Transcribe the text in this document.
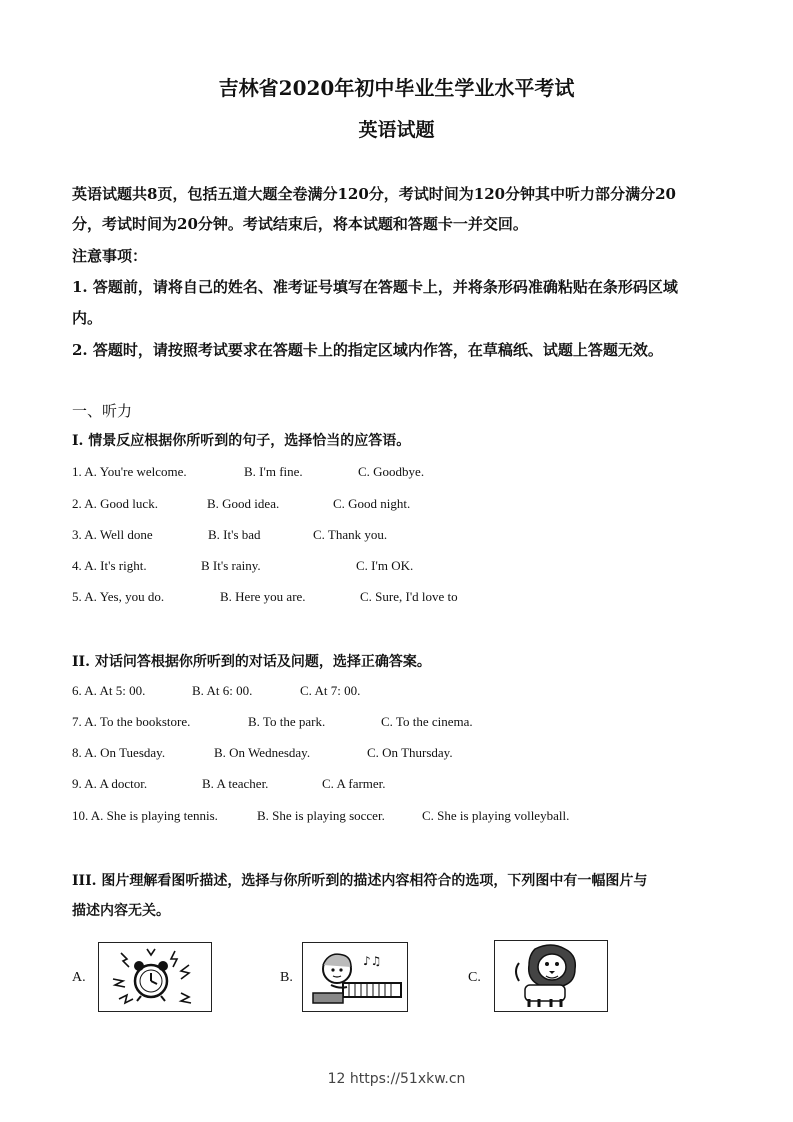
吉林省2020年初中毕业生学业水平考试
英语试题
英语试题共8页，包括五道大题全卷满分120分，考试时间为120分钟其中听力部分满分20
分，考试时间为20分钟。考试结束后，将本试题和答题卡一并交回。
注意事项：
1. 答题前，请将自己的姓名、准考证号填写在答题卡上，并将条形码准确粘贴在条形码区域
内。
2. 答题时，请按照考试要求在答题卡上的指定区域内作答，在草稿纸、试题上答题无效。
一、听力
I. 情景反应根据你所听到的句子，选择恰当的应答语。
1. A. You're welcome.	B. I'm fine.	C. Goodbye.
2. A. Good luck.	B. Good idea.	C. Good night.
3. A. Well done	B. It's bad	C. Thank you.
4. A. It's right.	B It's rainy.	C. I'm OK.
5. A. Yes, you do.	B. Here you are.	C. Sure, I'd love to
II. 对话问答根据你所听到的对话及问题，选择正确答案。
6. A. At 5: 00.	B. At 6: 00.	C. At 7: 00.
7. A. To the bookstore.	B. To the park.	C. To the cinema.
8. A. On Tuesday.	B. On Wednesday.	C. On Thursday.
9. A. A doctor.	B. A teacher.	C. A farmer.
10. A. She is playing tennis.	B. She is playing soccer.	C. She is playing volleyball.
III. 图片理解看图听描述，选择与你所听到的描述内容相符合的选项，下列图中有一幅图片与
描述内容无关。
A.	B.
♪♫
C.
12 https://51xkw.cn
